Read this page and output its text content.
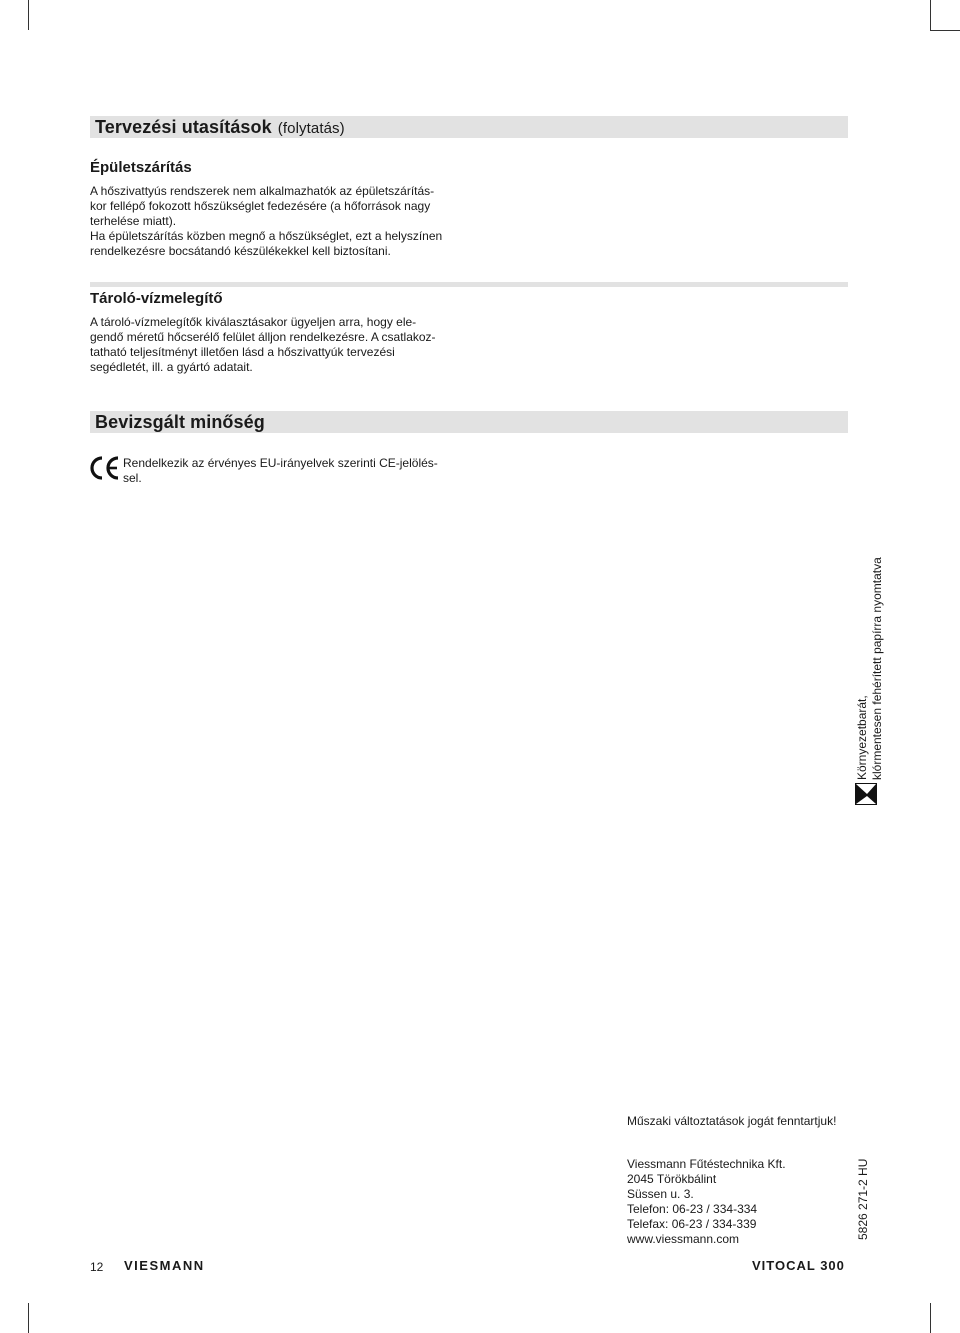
Tervezési utasítások (folytatás)
Épületszárítás
A hőszivattyús rendszerek nem alkalmazhatók az épületszárítás-
kor fellépő fokozott hőszükséglet fedezésére (a hőforrások nagy
terhelése miatt).
Ha épületszárítás közben megnő a hőszükséglet, ezt a helyszínen
rendelkezésre bocsátandó készülékekkel kell biztosítani.
Tároló-vízmelegítő
A tároló-vízmelegítők kiválasztásakor ügyeljen arra, hogy ele-
gendő méretű hőcserélő felület álljon rendelkezésre. A csatlakoz-
tatható teljesítményt illetően lásd a hőszivattyúk tervezési
segédletét, ill. a gyártó adatait.
Bevizsgált minőség
Rendelkezik az érvényes EU-irányelvek szerinti CE-jelölés-
sel.
Környezetbarát, klórmentesen fehérített papírra nyomtatva
Műszaki változtatások jogát fenntartjuk!
Viessmann Fűtéstechnika Kft.
2045 Törökbálint
Süssen u. 3.
Telefon: 06-23 / 334-334
Telefax: 06-23 / 334-339
www.viessmann.com	5826 271-2 HU
12 VIESMANN	VITOCAL 300
